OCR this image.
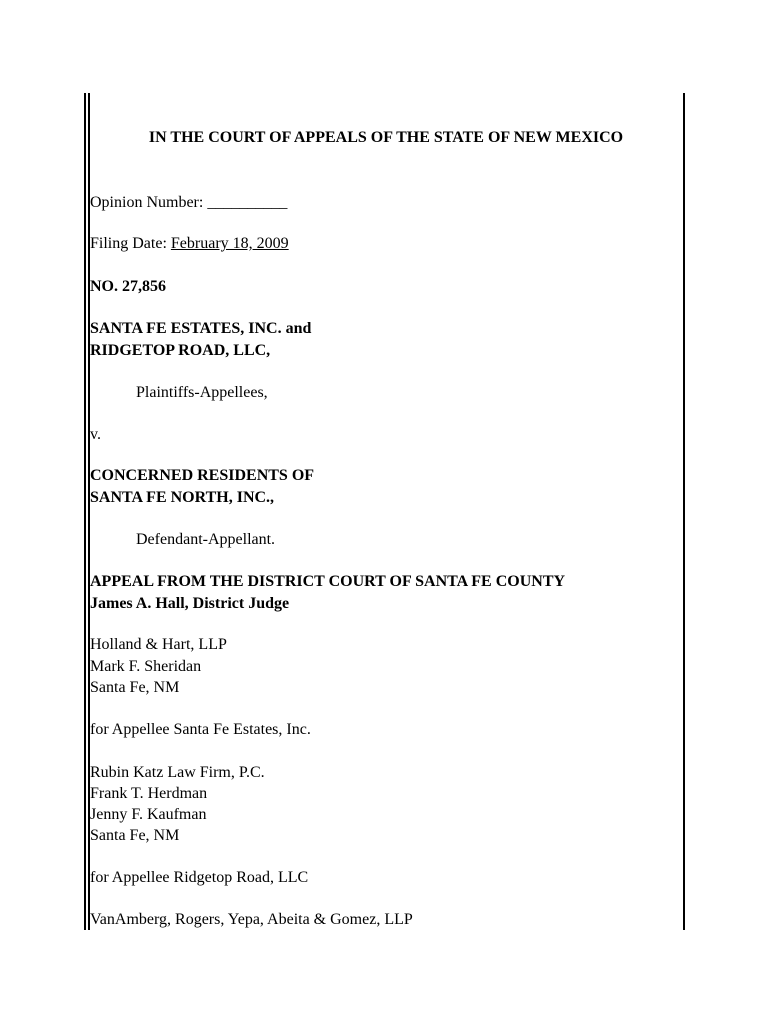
IN THE COURT OF APPEALS OF THE STATE OF NEW MEXICO
Opinion Number: __________
Filing Date: February 18, 2009
NO. 27,856
SANTA FE ESTATES, INC. and
RIDGETOP ROAD, LLC,
Plaintiffs-Appellees,
v.
CONCERNED RESIDENTS OF
SANTA FE NORTH, INC.,
Defendant-Appellant.
APPEAL FROM THE DISTRICT COURT OF SANTA FE COUNTY
James A. Hall, District Judge
Holland & Hart, LLP
Mark F. Sheridan
Santa Fe, NM
for Appellee Santa Fe Estates, Inc.
Rubin Katz Law Firm, P.C.
Frank T. Herdman
Jenny F. Kaufman
Santa Fe, NM
for Appellee Ridgetop Road, LLC
VanAmberg, Rogers, Yepa, Abeita & Gomez, LLP
